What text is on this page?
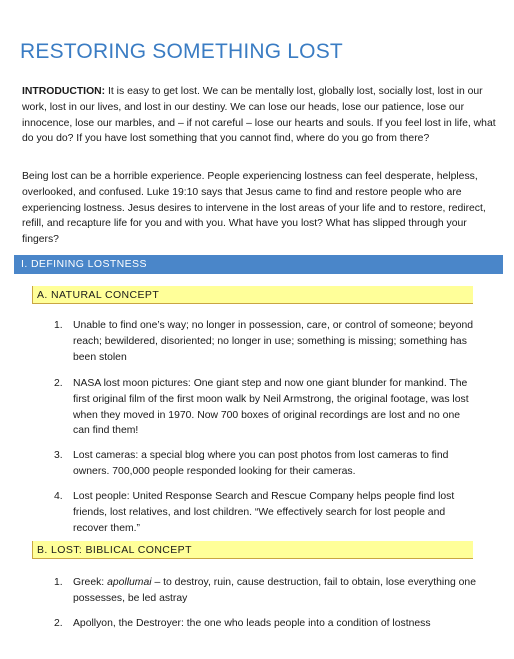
RESTORING SOMETHING LOST
INTRODUCTION: It is easy to get lost. We can be mentally lost, globally lost, socially lost, lost in our work, lost in our lives, and lost in our destiny. We can lose our heads, lose our patience, lose our innocence, lose our marbles, and – if not careful – lose our hearts and souls. If you feel lost in life, what do you do? If you have lost something that you cannot find, where do you go from there?
Being lost can be a horrible experience. People experiencing lostness can feel desperate, helpless, overlooked, and confused. Luke 19:10 says that Jesus came to find and restore people who are experiencing lostness. Jesus desires to intervene in the lost areas of your life and to restore, redirect, refill, and recapture life for you and with you. What have you lost? What has slipped through your fingers?
I. DEFINING LOSTNESS
A. NATURAL CONCEPT
1. Unable to find one’s way; no longer in possession, care, or control of someone; beyond reach; bewildered, disoriented; no longer in use; something is missing; something has been stolen
2. NASA lost moon pictures: One giant step and now one giant blunder for mankind. The first original film of the first moon walk by Neil Armstrong, the original footage, was lost when they moved in 1970. Now 700 boxes of original recordings are lost and no one can find them!
3. Lost cameras: a special blog where you can post photos from lost cameras to find owners. 700,000 people responded looking for their cameras.
4. Lost people: United Response Search and Rescue Company helps people find lost friends, lost relatives, and lost children. “We effectively search for lost people and recover them.”
B. LOST: BIBLICAL CONCEPT
1. Greek: apollumai – to destroy, ruin, cause destruction, fail to obtain, lose everything one possesses, be led astray
2. Apollyon, the Destroyer: the one who leads people into a condition of lostness
